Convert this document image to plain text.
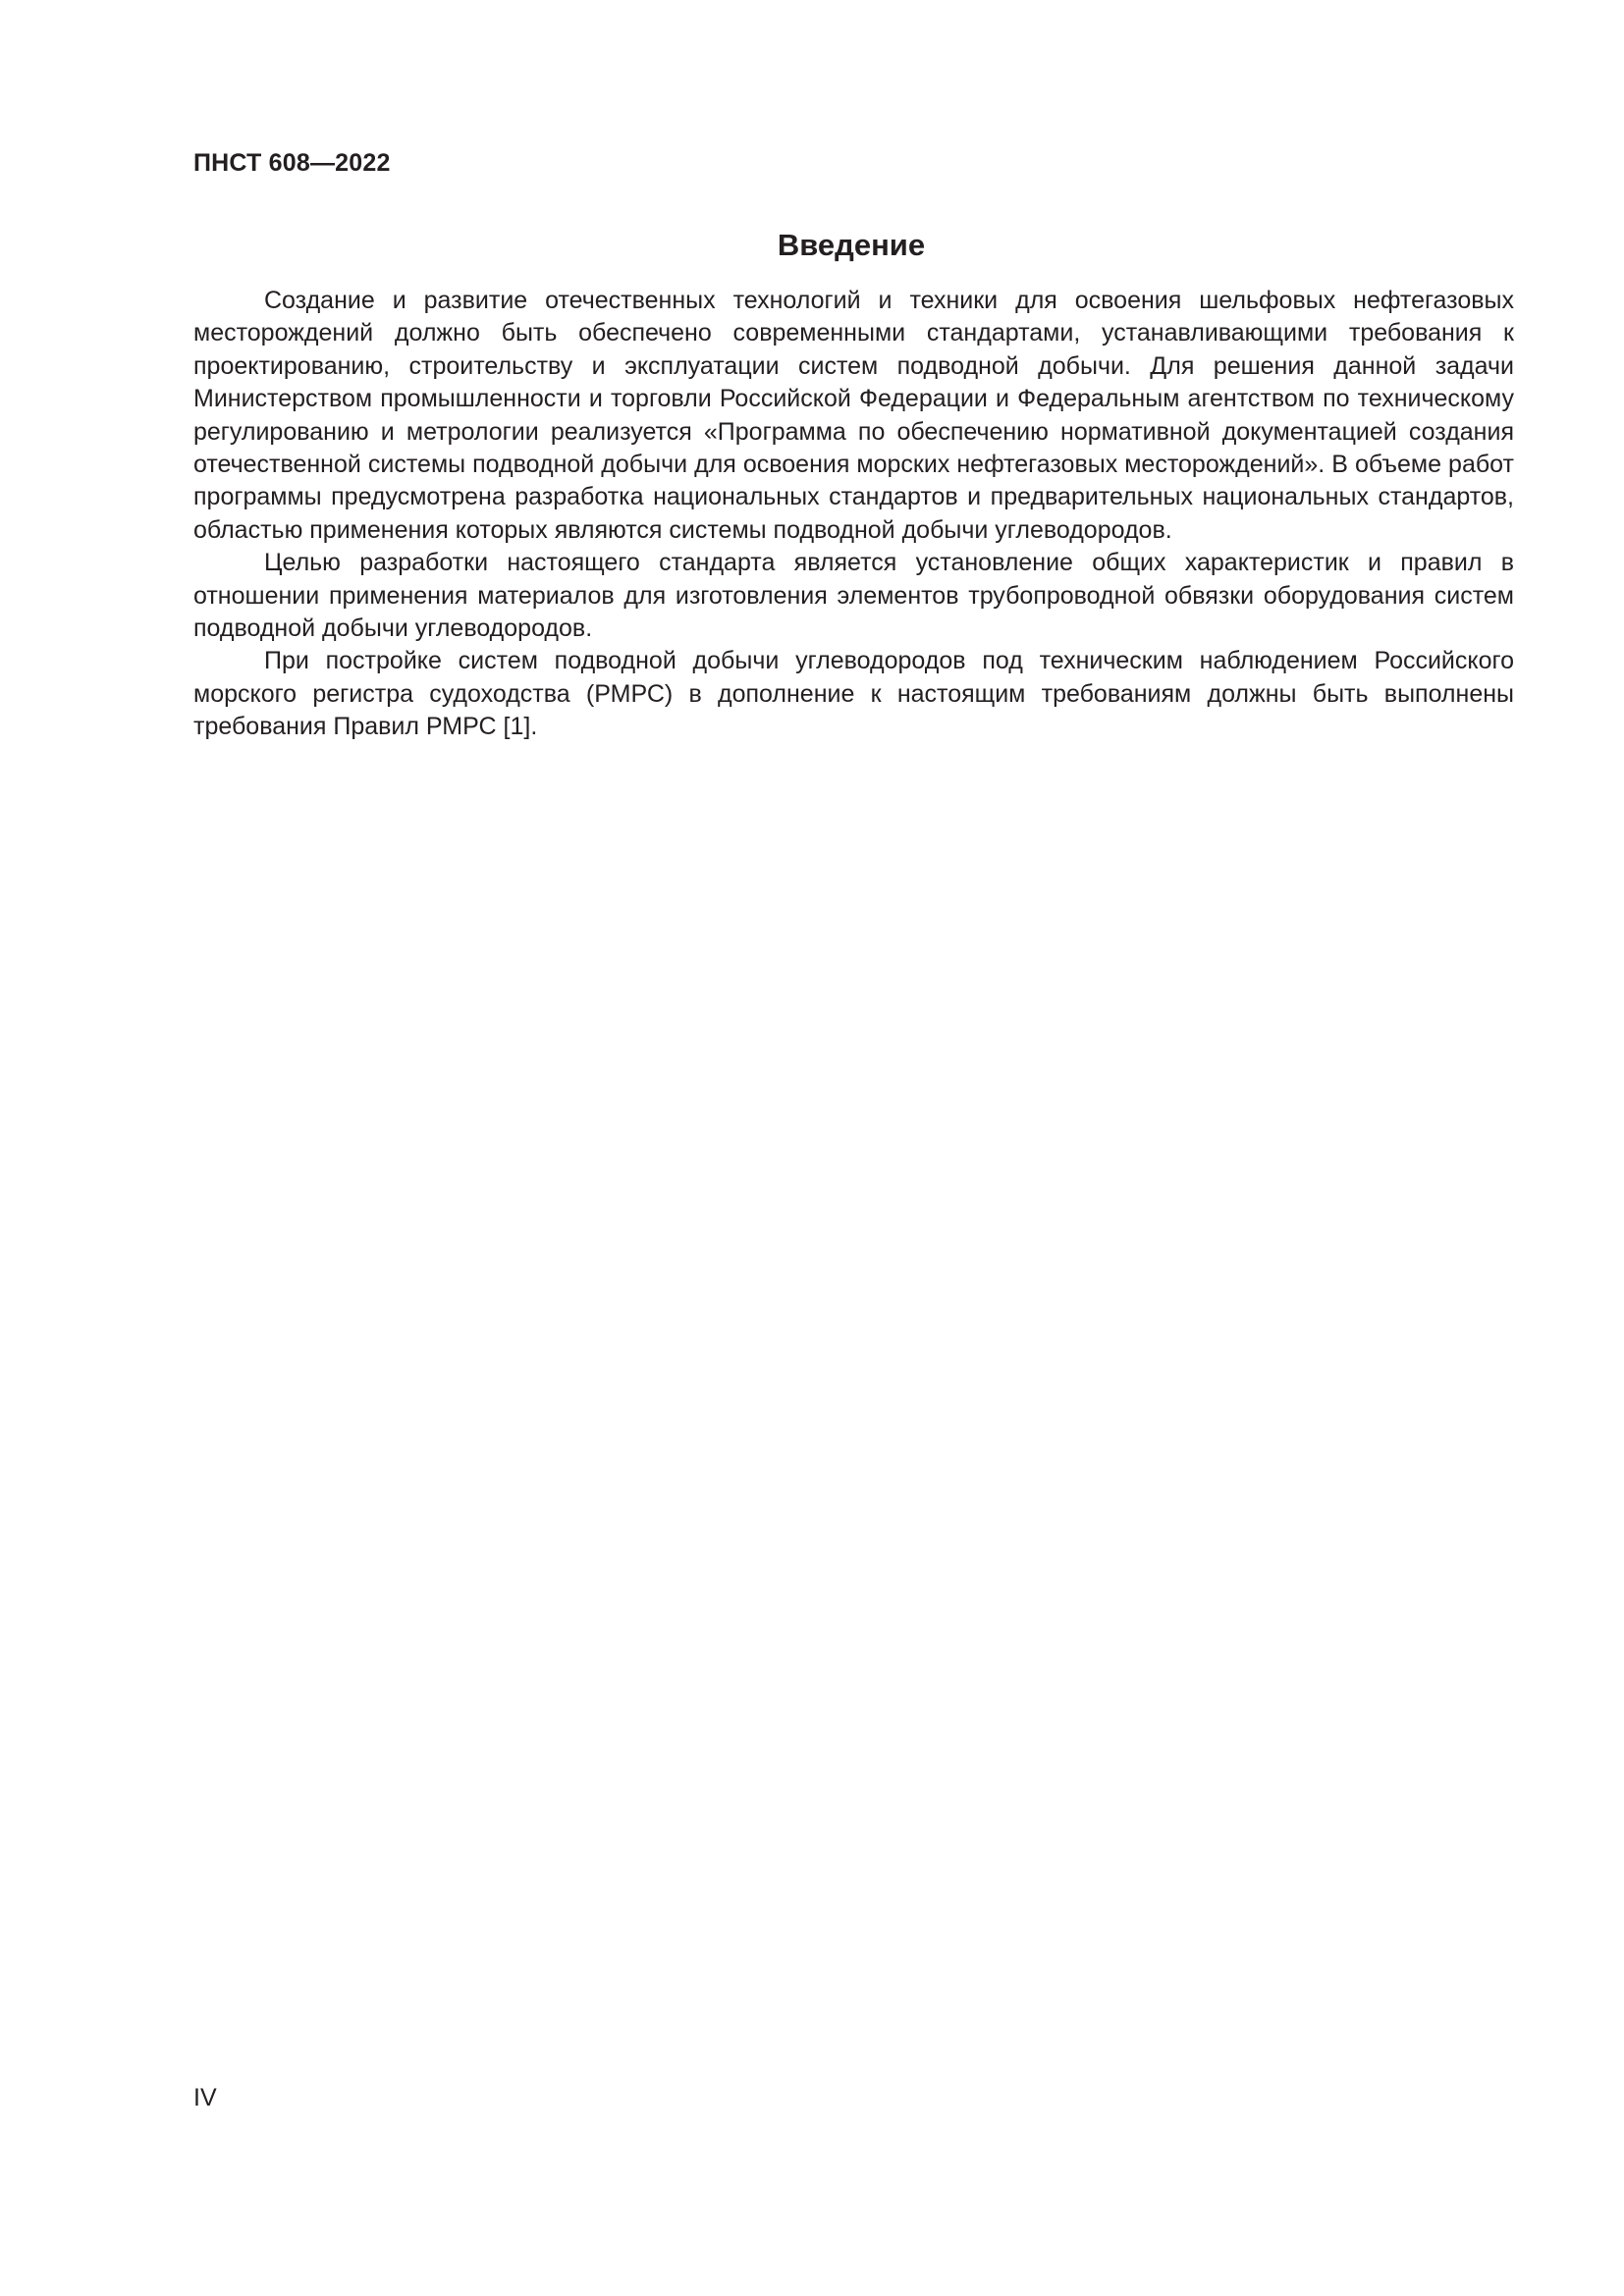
ПНСТ 608—2022
Введение

Создание и развитие отечественных технологий и техники для освоения шельфовых нефтегазовых месторождений должно быть обеспечено современными стандартами, устанавливающими требования к проектированию, строительству и эксплуатации систем подводной добычи. Для решения данной задачи Министерством промышленности и торговли Российской Федерации и Федеральным агентством по техническому регулированию и метрологии реализуется «Программа по обеспечению нормативной документацией создания отечественной системы подводной добычи для освоения морских нефтегазовых месторождений». В объеме работ программы предусмотрена разработка национальных стандартов и предварительных национальных стандартов, областью применения которых являются системы подводной добычи углеводородов.

Целью разработки настоящего стандарта является установление общих характеристик и правил в отношении применения материалов для изготовления элементов трубопроводной обвязки оборудования систем подводной добычи углеводородов.

При постройке систем подводной добычи углеводородов под техническим наблюдением Российского морского регистра судоходства (РМРС) в дополнение к настоящим требованиям должны быть выполнены требования Правил РМРС [1].

IV
